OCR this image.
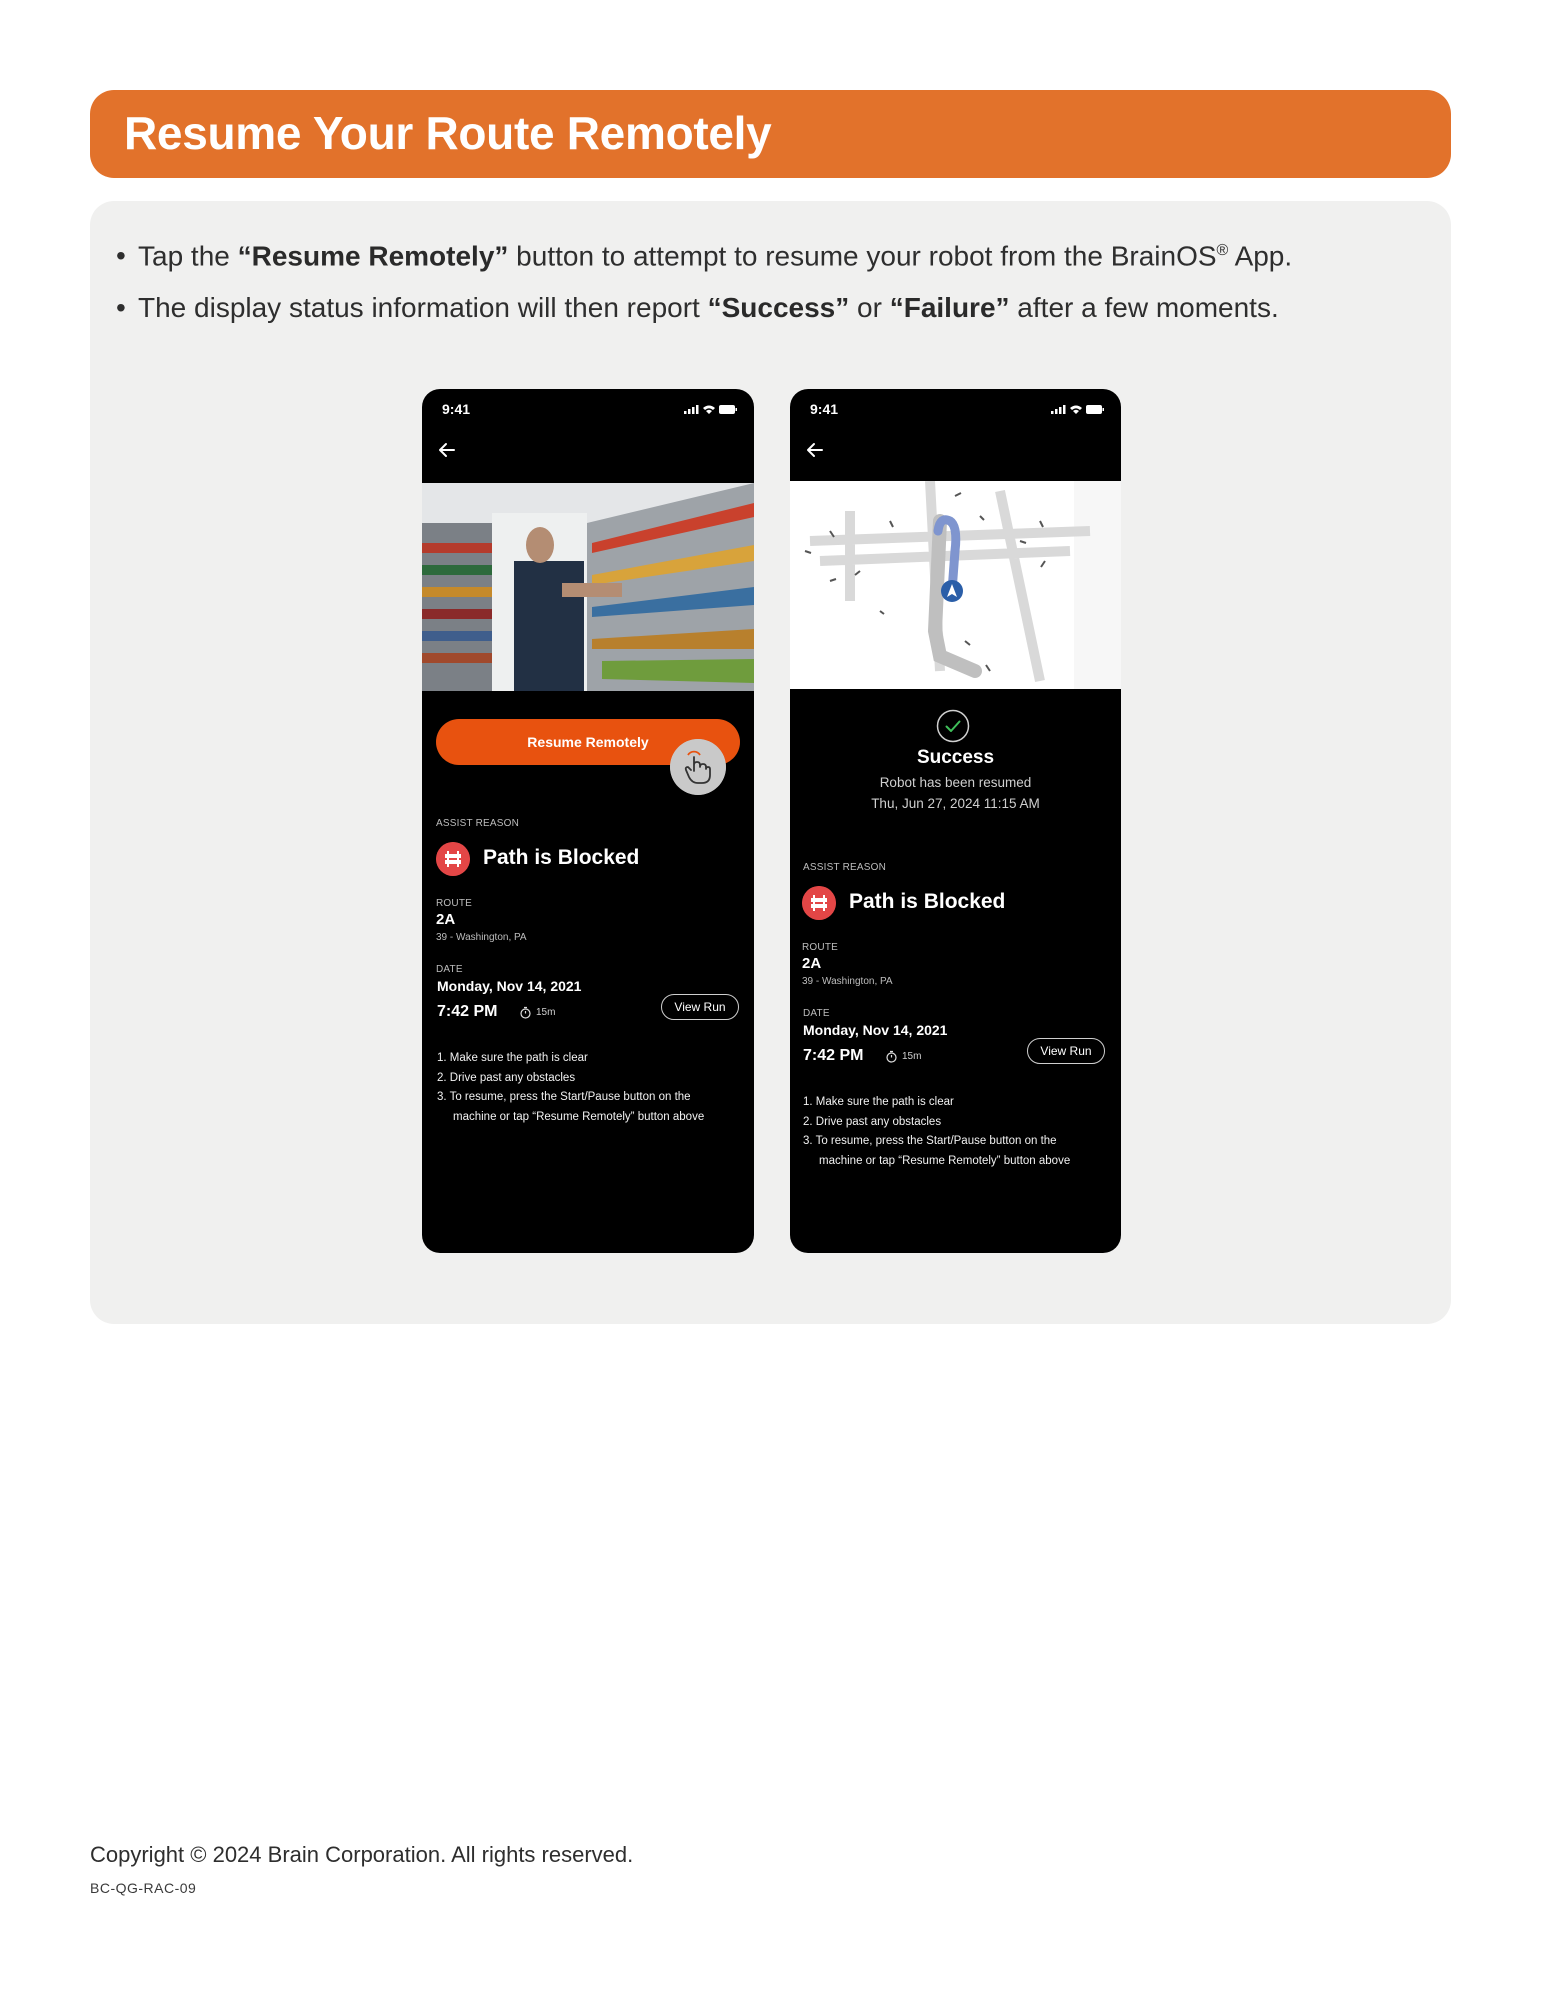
Resume Your Route Remotely
• Tap the “Resume Remotely” button to attempt to resume your robot from the BrainOS® App.
• The display status information will then report “Success” or “Failure” after a few moments.
9:41
Resume Remotely
ASSIST REASON
Path is Blocked
ROUTE
2A
39 - Washington, PA
DATE
Monday, Nov 14, 2021
7:42 PM	15m	View Run
1. Make sure the path is clear
2. Drive past any obstacles
3. To resume, press the Start/Pause button on the
machine or tap “Resume Remotely” button above
9:41
Success
Robot has been resumed
Thu, Jun 27, 2024 11:15 AM
ASSIST REASON
Path is Blocked
ROUTE
2A
39 - Washington, PA
DATE
Monday, Nov 14, 2021
7:42 PM	15m	View Run
1. Make sure the path is clear
2. Drive past any obstacles
3. To resume, press the Start/Pause button on the
machine or tap “Resume Remotely” button above
Copyright © 2024 Brain Corporation. All rights reserved.
BC-QG-RAC-09
